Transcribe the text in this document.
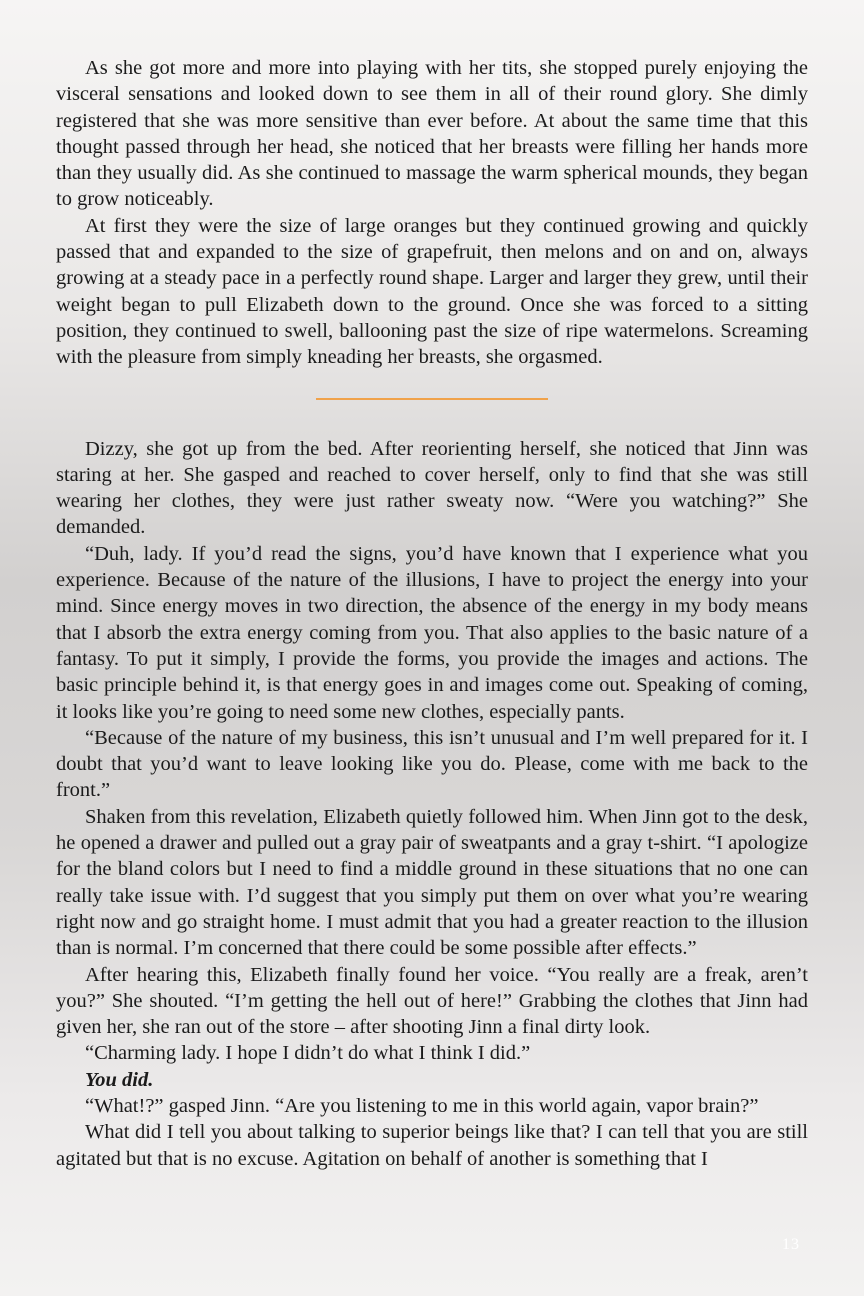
As she got more and more into playing with her tits, she stopped purely enjoying the visceral sensations and looked down to see them in all of their round glory. She dimly registered that she was more sensitive than ever before. At about the same time that this thought passed through her head, she noticed that her breasts were filling her hands more than they usually did. As she continued to massage the warm spherical mounds, they began to grow noticeably.

At first they were the size of large oranges but they continued growing and quickly passed that and expanded to the size of grapefruit, then melons and on and on, always growing at a steady pace in a perfectly round shape. Larger and larger they grew, until their weight began to pull Elizabeth down to the ground. Once she was forced to a sitting position, they continued to swell, ballooning past the size of ripe watermelons. Screaming with the pleasure from simply kneading her breasts, she orgasmed.

Dizzy, she got up from the bed. After reorienting herself, she noticed that Jinn was staring at her. She gasped and reached to cover herself, only to find that she was still wearing her clothes, they were just rather sweaty now. “Were you watching?” She demanded.

“Duh, lady. If you’d read the signs, you’d have known that I experience what you experience. Because of the nature of the illusions, I have to project the energy into your mind. Since energy moves in two direction, the absence of the energy in my body means that I absorb the extra energy coming from you. That also applies to the basic nature of a fantasy. To put it simply, I provide the forms, you provide the images and actions. The basic principle behind it, is that energy goes in and images come out. Speaking of coming, it looks like you’re going to need some new clothes, especially pants.

“Because of the nature of my business, this isn’t unusual and I’m well prepared for it. I doubt that you’d want to leave looking like you do. Please, come with me back to the front.”

Shaken from this revelation, Elizabeth quietly followed him. When Jinn got to the desk, he opened a drawer and pulled out a gray pair of sweatpants and a gray t-shirt. “I apologize for the bland colors but I need to find a middle ground in these situations that no one can really take issue with. I’d suggest that you simply put them on over what you’re wearing right now and go straight home. I must admit that you had a greater reaction to the illusion than is normal. I’m concerned that there could be some possible after effects.”

After hearing this, Elizabeth finally found her voice. “You really are a freak, aren’t you?” She shouted. “I’m getting the hell out of here!” Grabbing the clothes that Jinn had given her, she ran out of the store – after shooting Jinn a final dirty look.

“Charming lady. I hope I didn’t do what I think I did.”

You did.

“What!?” gasped Jinn. “Are you listening to me in this world again, vapor brain?”

What did I tell you about talking to superior beings like that? I can tell that you are still agitated but that is no excuse. Agitation on behalf of another is something that I

13
